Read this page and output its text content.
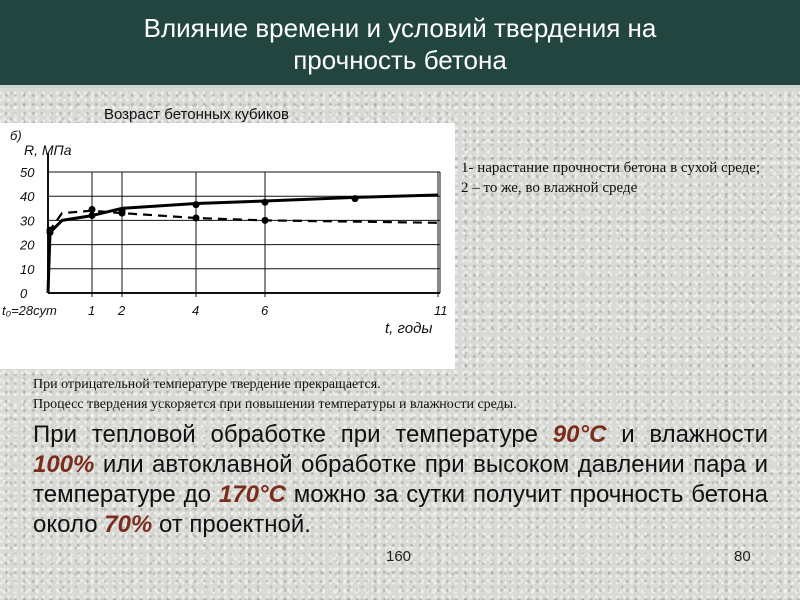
Влияние времени и условий твердения на
прочность бетона
Возраст бетонных кубиков
0
10
20
30
40
50
1 2	4	6	11
б)
R, МПа
t₀=28сут
t, годы
1- нарастание прочности бетона в сухой среде;
2 – то же, во влажной среде
При отрицательной температуре твердение прекращается.
Процесс твердения ускоряется при повышении температуры и влажности среды.
При тепловой обработке при температуре 90°С и влажности 100% или автоклавной обработке при высоком давлении пара и температуре до 170°С можно за сутки получит прочность бетона около 70% от проектной.
160	80
